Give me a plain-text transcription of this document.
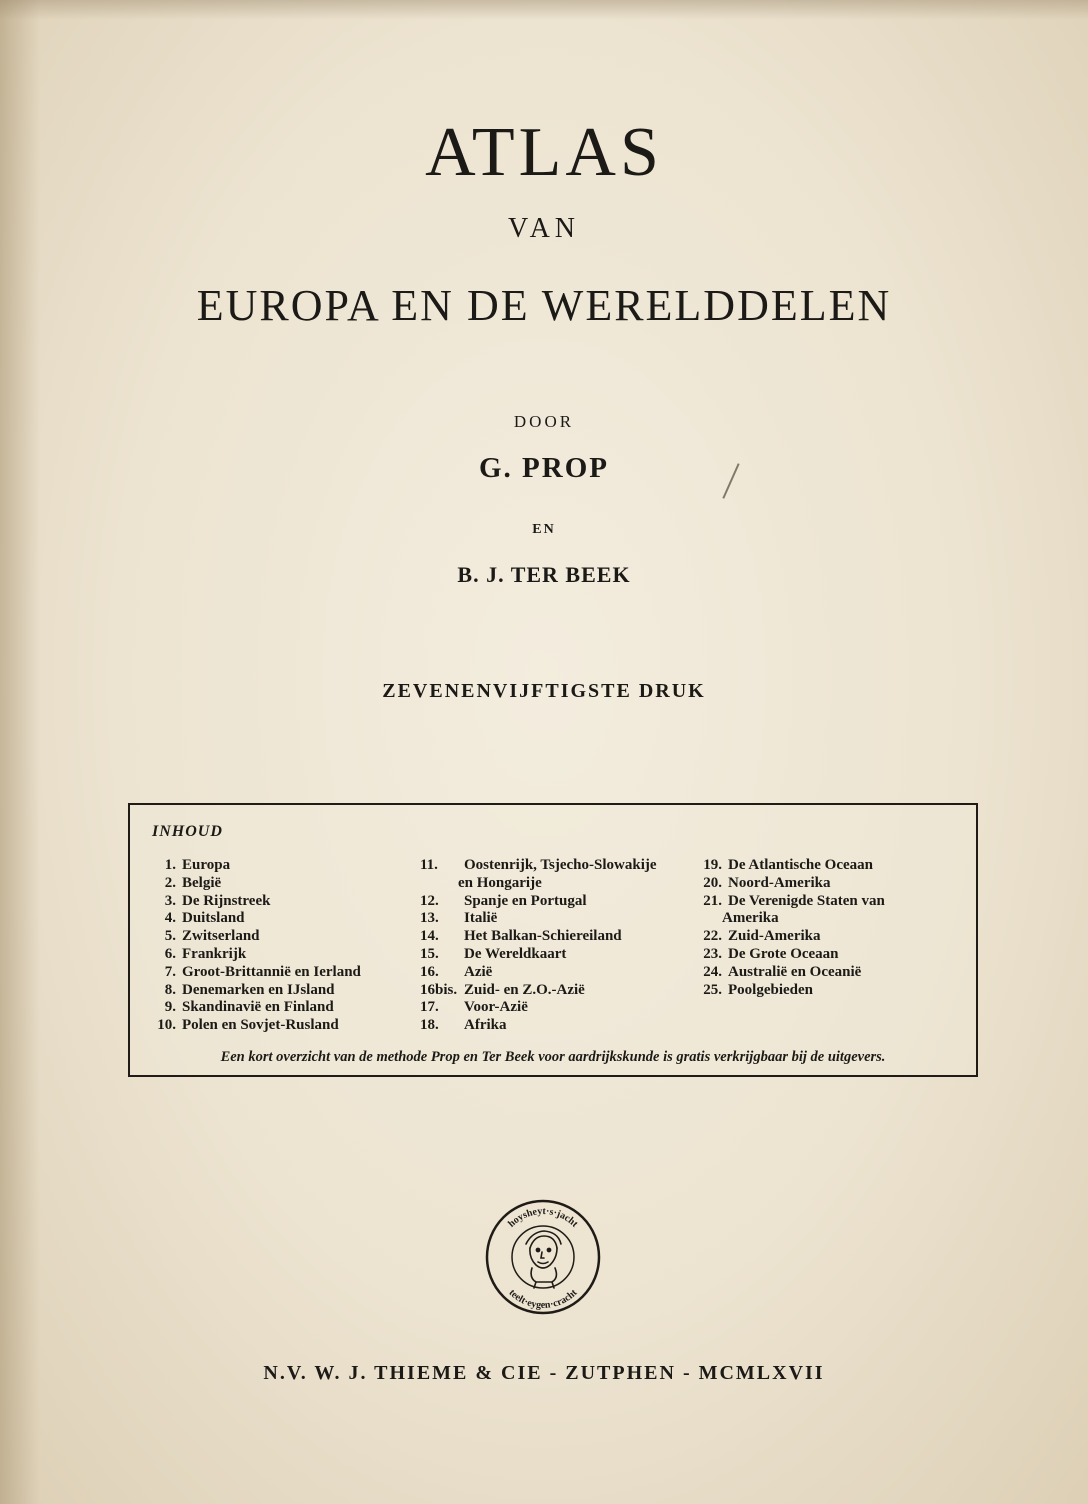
ATLAS
VAN
EUROPA EN DE WERELDDELEN
DOOR
G. PROP
EN
B. J. TER BEEK
ZEVENENVIJFTIGSTE DRUK
INHOUD
1. Europa
2. België
3. De Rijnstreek
4. Duitsland
5. Zwitserland
6. Frankrijk
7. Groot-Brittannië en Ierland
8. Denemarken en IJsland
9. Skandinavië en Finland
10. Polen en Sovjet-Rusland
11.	Oostenrijk, Tsjecho-Slowakije
en Hongarije
12.	Spanje en Portugal
13.	Italië
14.	Het Balkan-Schiereiland
15.	De Wereldkaart
16.	Azië
16bis. Zuid- en Z.O.-Azië
17.	Voor-Azië
18.	Afrika
19. De Atlantische Oceaan
20. Noord-Amerika
21. De Verenigde Staten van
Amerika
22. Zuid-Amerika
23. De Grote Oceaan
24. Australië en Oceanië
25. Poolgebieden
Een kort overzicht van de methode Prop en Ter Beek voor aardrijkskunde is gratis verkrijgbaar bij de uitgevers.
hoysheyt·s·jacht
teelt·eygen·cracht
N.V. W. J. THIEME & CIE - ZUTPHEN - MCMLXVII
